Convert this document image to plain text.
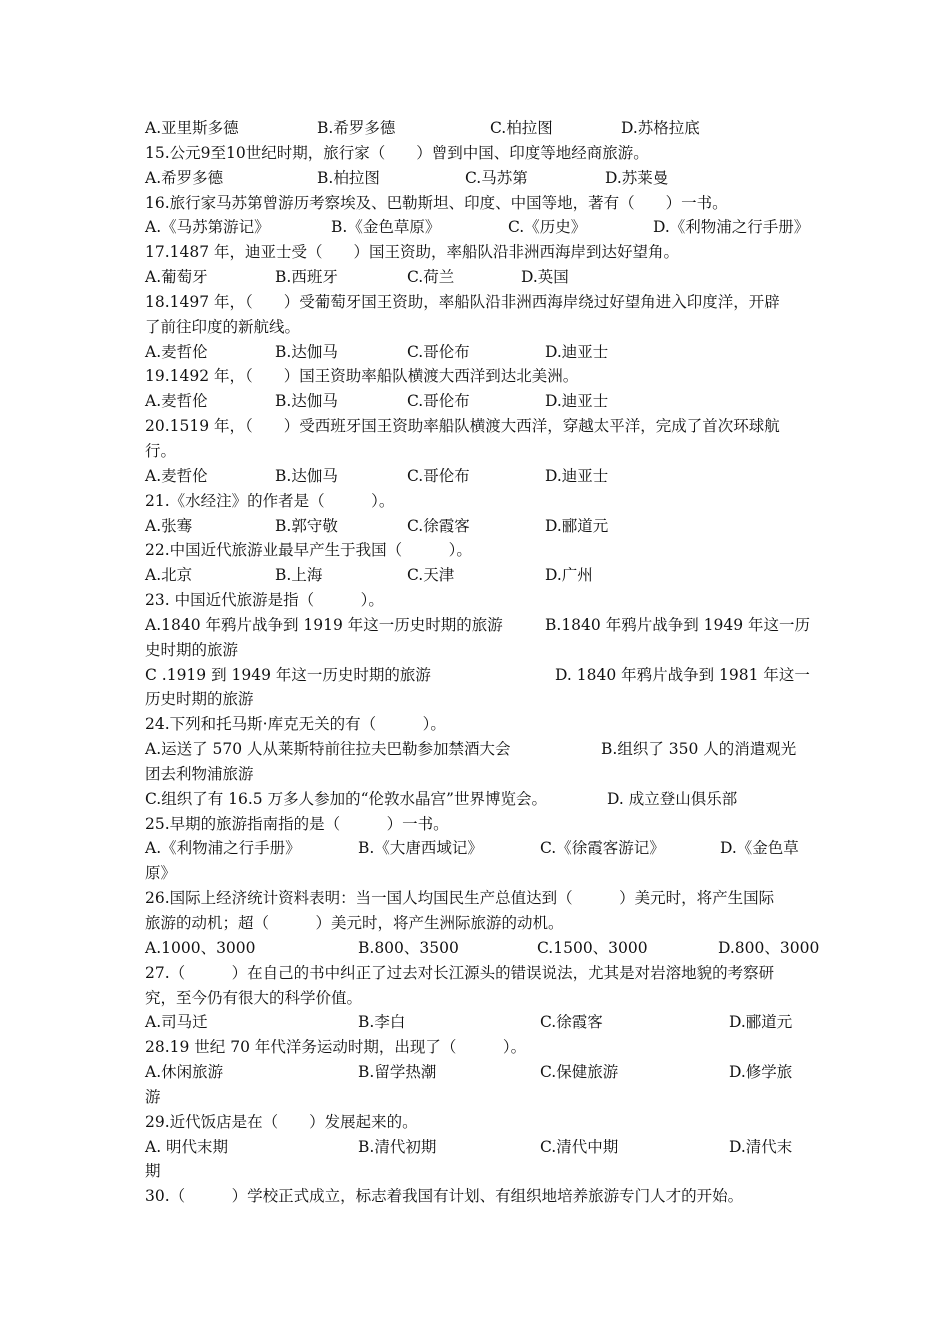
A.亚里斯多德	B.希罗多德	C.柏拉图	D.苏格拉底
15.公元9至10世纪时期，旅行家（　　）曾到中国、印度等地经商旅游。
A.希罗多德	B.柏拉图	C.马苏第	D.苏莱曼
16.旅行家马苏第曾游历考察埃及、巴勒斯坦、印度、中国等地，著有（　　）一书。
A.《马苏第游记》	B.《金色草原》	C.《历史》	D.《利物浦之行手册》
17.1487 年，迪亚士受（　　）国王资助，率船队沿非洲西海岸到达好望角。
A.葡萄牙	B.西班牙	C.荷兰	D.英国
18.1497 年，（　　）受葡萄牙国王资助，率船队沿非洲西海岸绕过好望角进入印度洋，开辟
了前往印度的新航线。
A.麦哲伦	B.达伽马	C.哥伦布	D.迪亚士
19.1492 年，（　　）国王资助率船队横渡大西洋到达北美洲。
A.麦哲伦	B.达伽马	C.哥伦布	D.迪亚士
20.1519 年，（　　）受西班牙国王资助率船队横渡大西洋，穿越太平洋，完成了首次环球航
行。
A.麦哲伦	B.达伽马	C.哥伦布	D.迪亚士
21.《水经注》的作者是（　　　）。
A.张骞	B.郭守敬	C.徐霞客	D.郦道元
22.中国近代旅游业最早产生于我国（　　　）。
A.北京	B.上海	C.天津	D.广州
23. 中国近代旅游是指（　　　）。
A.1840 年鸦片战争到 1919 年这一历史时期的旅游	B.1840 年鸦片战争到 1949 年这一历
史时期的旅游
C .1919 到 1949 年这一历史时期的旅游	D. 1840 年鸦片战争到 1981 年这一
历史时期的旅游
24.下列和托马斯·库克无关的有（　　　）。
A.运送了 570 人从莱斯特前往拉夫巴勒参加禁酒大会	B.组织了 350 人的消遣观光
团去利物浦旅游
C.组织了有 16.5 万多人参加的“伦敦水晶宫”世界博览会。	D. 成立登山俱乐部
25.早期的旅游指南指的是（　　　）一书。
A.《利物浦之行手册》	B.《大唐西域记》	C.《徐霞客游记》	D.《金色草
原》
26.国际上经济统计资料表明：当一国人均国民生产总值达到（　　　）美元时，将产生国际
旅游的动机；超（　　　）美元时，将产生洲际旅游的动机。
A.1000、3000	B.800、3500	C.1500、3000	D.800、3000
27.（　　　）在自己的书中纠正了过去对长江源头的错误说法，尤其是对岩溶地貌的考察研
究，至今仍有很大的科学价值。
A.司马迁	B.李白	C.徐霞客	D.郦道元
28.19 世纪 70 年代洋务运动时期，出现了（　　　）。
A.休闲旅游	B.留学热潮	C.保健旅游	D.修学旅
游
29.近代饭店是在（　　）发展起来的。
A. 明代末期	B.清代初期	C.清代中期	D.清代末
期
30.（　　　）学校正式成立，标志着我国有计划、有组织地培养旅游专门人才的开始。
